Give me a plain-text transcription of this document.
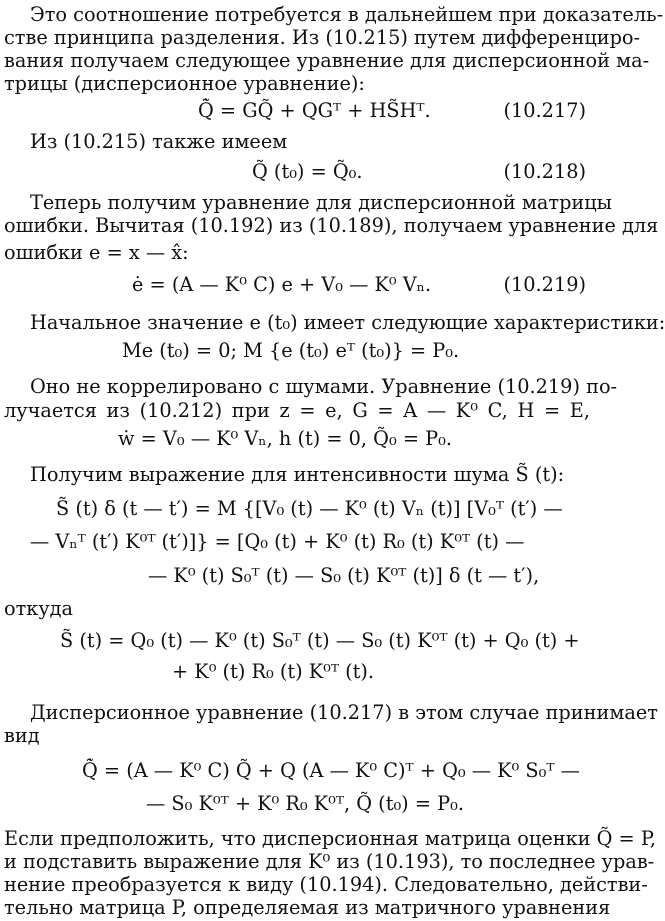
Это соотношение потребуется в дальнейшем при доказатель-
стве принципа разделения. Из (10.215) путем дифференциро-
вания получаем следующее уравнение для дисперсионной ма-
трицы (дисперсионное уравнение):
Q̃̇ = GQ̃ + QGᵀ + HS̃Hᵀ.	(10.217)
Из (10.215) также имеем
Q̃ (t₀) = Q̃₀.	(10.218)
Теперь получим уравнение для дисперсионной матрицы
ошибки. Вычитая (10.192) из (10.189), получаем уравнение для
ошибки e = x — x̂:
ė = (A — K⁰ C) e + V₀ — K⁰ Vₙ.	(10.219)
Начальное значение e (t₀) имеет следующие характеристики:
Me (t₀) = 0; M {e (t₀) eᵀ (t₀)} = P₀.
Оно не коррелировано с шумами. Уравнение (10.219) по-
лучается из (10.212) при z = e, G = A — K⁰ C, H = E,
ẇ = V₀ — K⁰ Vₙ, h (t) = 0, Q̃₀ = P₀.
Получим выражение для интенсивности шума S̃ (t):
S̃ (t) δ (t — t′) = M {[V₀ (t) — K⁰ (t) Vₙ (t)] [V₀ᵀ (t′) —
— Vₙᵀ (t′) K⁰ᵀ (t′)]} = [Q₀ (t) + K⁰ (t) R₀ (t) K⁰ᵀ (t) —
— K⁰ (t) S₀ᵀ (t) — S₀ (t) K⁰ᵀ (t)] δ (t — t′),
откуда
S̃ (t) = Q₀ (t) — K⁰ (t) S₀ᵀ (t) — S₀ (t) K⁰ᵀ (t) + Q₀ (t) +
+ K⁰ (t) R₀ (t) K⁰ᵀ (t).
Дисперсионное уравнение (10.217) в этом случае принимает
вид
Q̃̇ = (A — K⁰ C) Q̃ + Q (A — K⁰ C)ᵀ + Q₀ — K⁰ S₀ᵀ —
— S₀ K⁰ᵀ + K⁰ R₀ K⁰ᵀ, Q̃ (t₀) = P₀.
Если предположить, что дисперсионная матрица оценки Q̃ = P,
и подставить выражение для K⁰ из (10.193), то последнее урав-
нение преобразуется к виду (10.194). Следовательно, действи-
тельно матрица P, определяемая из матричного уравнения
